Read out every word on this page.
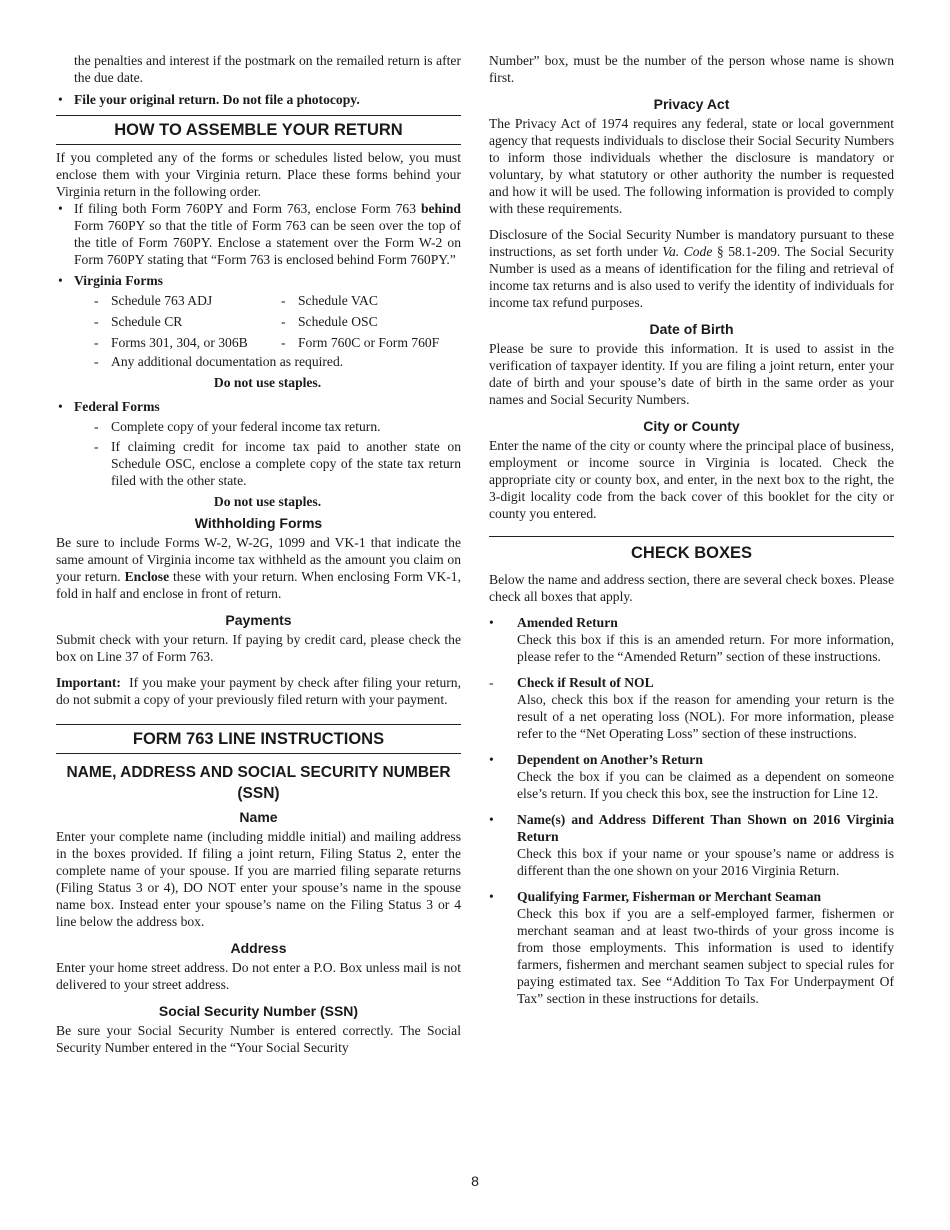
the penalties and interest if the postmark on the remailed return is after the due date.

• File your original return. Do not file a photocopy.
HOW TO ASSEMBLE YOUR RETURN

If you completed any of the forms or schedules listed below, you must enclose them with your Virginia return. Place these forms behind your Virginia return in the following order.

• If filing both Form 760PY and Form 763, enclose Form 763 behind Form 760PY so that the title of Form 763 can be seen over the top of the title of Form 760PY. Enclose a statement over the Form W-2 on Form 760PY stating that “Form 763 is enclosed behind Form 760PY.”
• Virginia Forms
- Schedule 763 ADJ	- Schedule VAC
- Schedule CR	- Schedule OSC
- Forms 301, 304, or 306B	- Form 760C or Form 760F
- Any additional documentation as required.
Do not use staples.
• Federal Forms
- Complete copy of your federal income tax return.
- If claiming credit for income tax paid to another state on Schedule OSC, enclose a complete copy of the state tax return filed with the other state.
Do not use staples.
Withholding Forms

Be sure to include Forms W-2, W-2G, 1099 and VK-1 that indicate the same amount of Virginia income tax withheld as the amount you claim on your return. Enclose these with your return. When enclosing Form VK-1, fold in half and enclose in front of return.

Payments

Submit check with your return. If paying by credit card, please check the box on Line 37 of Form 763.

Important: If you make your payment by check after filing your return, do not submit a copy of your previously filed return with your payment.

FORM 763 LINE INSTRUCTIONS
NAME, ADDRESS AND SOCIAL SECURITY NUMBER (SSN)
Name

Enter your complete name (including middle initial) and mailing address in the boxes provided. If filing a joint return, Filing Status 2, enter the complete name of your spouse. If you are married filing separate returns (Filing Status 3 or 4), DO NOT enter your spouse’s name in the spouse name box. Instead enter your spouse’s name on the Filing Status 3 or 4 line below the address box.

Address

Enter your home street address. Do not enter a P.O. Box unless mail is not delivered to your street address.

Social Security Number (SSN)

Be sure your Social Security Number is entered correctly. The Social Security Number entered in the “Your Social Security

Number” box, must be the number of the person whose name is shown first.

Privacy Act

The Privacy Act of 1974 requires any federal, state or local government agency that requests individuals to disclose their Social Security Numbers to inform those individuals whether the disclosure is mandatory or voluntary, by what statutory or other authority the number is requested and how it will be used. The following information is provided to comply with these requirements.

Disclosure of the Social Security Number is mandatory pursuant to these instructions, as set forth under Va. Code § 58.1-209. The Social Security Number is used as a means of identification for the filing and retrieval of income tax returns and is also used to verify the identity of individuals for income tax refund purposes.

Date of Birth

Please be sure to provide this information. It is used to assist in the verification of taxpayer identity. If you are filing a joint return, enter your date of birth and your spouse’s date of birth in the same order as your names and Social Security Numbers.

City or County

Enter the name of the city or county where the principal place of business, employment or income source in Virginia is located. Check the appropriate city or county box, and enter, in the next box to the right, the 3-digit locality code from the back cover of this booklet for the city or county you entered.

CHECK BOXES

Below the name and address section, there are several check boxes. Please check all boxes that apply.

• Amended Return
Check this box if this is an amended return. For more information, please refer to the “Amended Return” section of these instructions.
- Check if Result of NOL
Also, check this box if the reason for amending your return is the result of a net operating loss (NOL). For more information, please refer to the “Net Operating Loss” section of these instructions.
• Dependent on Another’s Return
Check the box if you can be claimed as a dependent on someone else’s return. If you check this box, see the instruction for Line 12.
• Name(s) and Address Different Than Shown on 2016 Virginia Return
Check this box if your name or your spouse’s name or address is different than the one shown on your 2016 Virginia Return.
• Qualifying Farmer, Fisherman or Merchant Seaman
Check this box if you are a self-employed farmer, fishermen or merchant seaman and at least two-thirds of your gross income is from those employments. This information is used to identify farmers, fishermen and merchant seamen subject to special rules for paying estimated tax. See “Addition To Tax For Underpayment Of Tax” section in these instructions for details.
8
